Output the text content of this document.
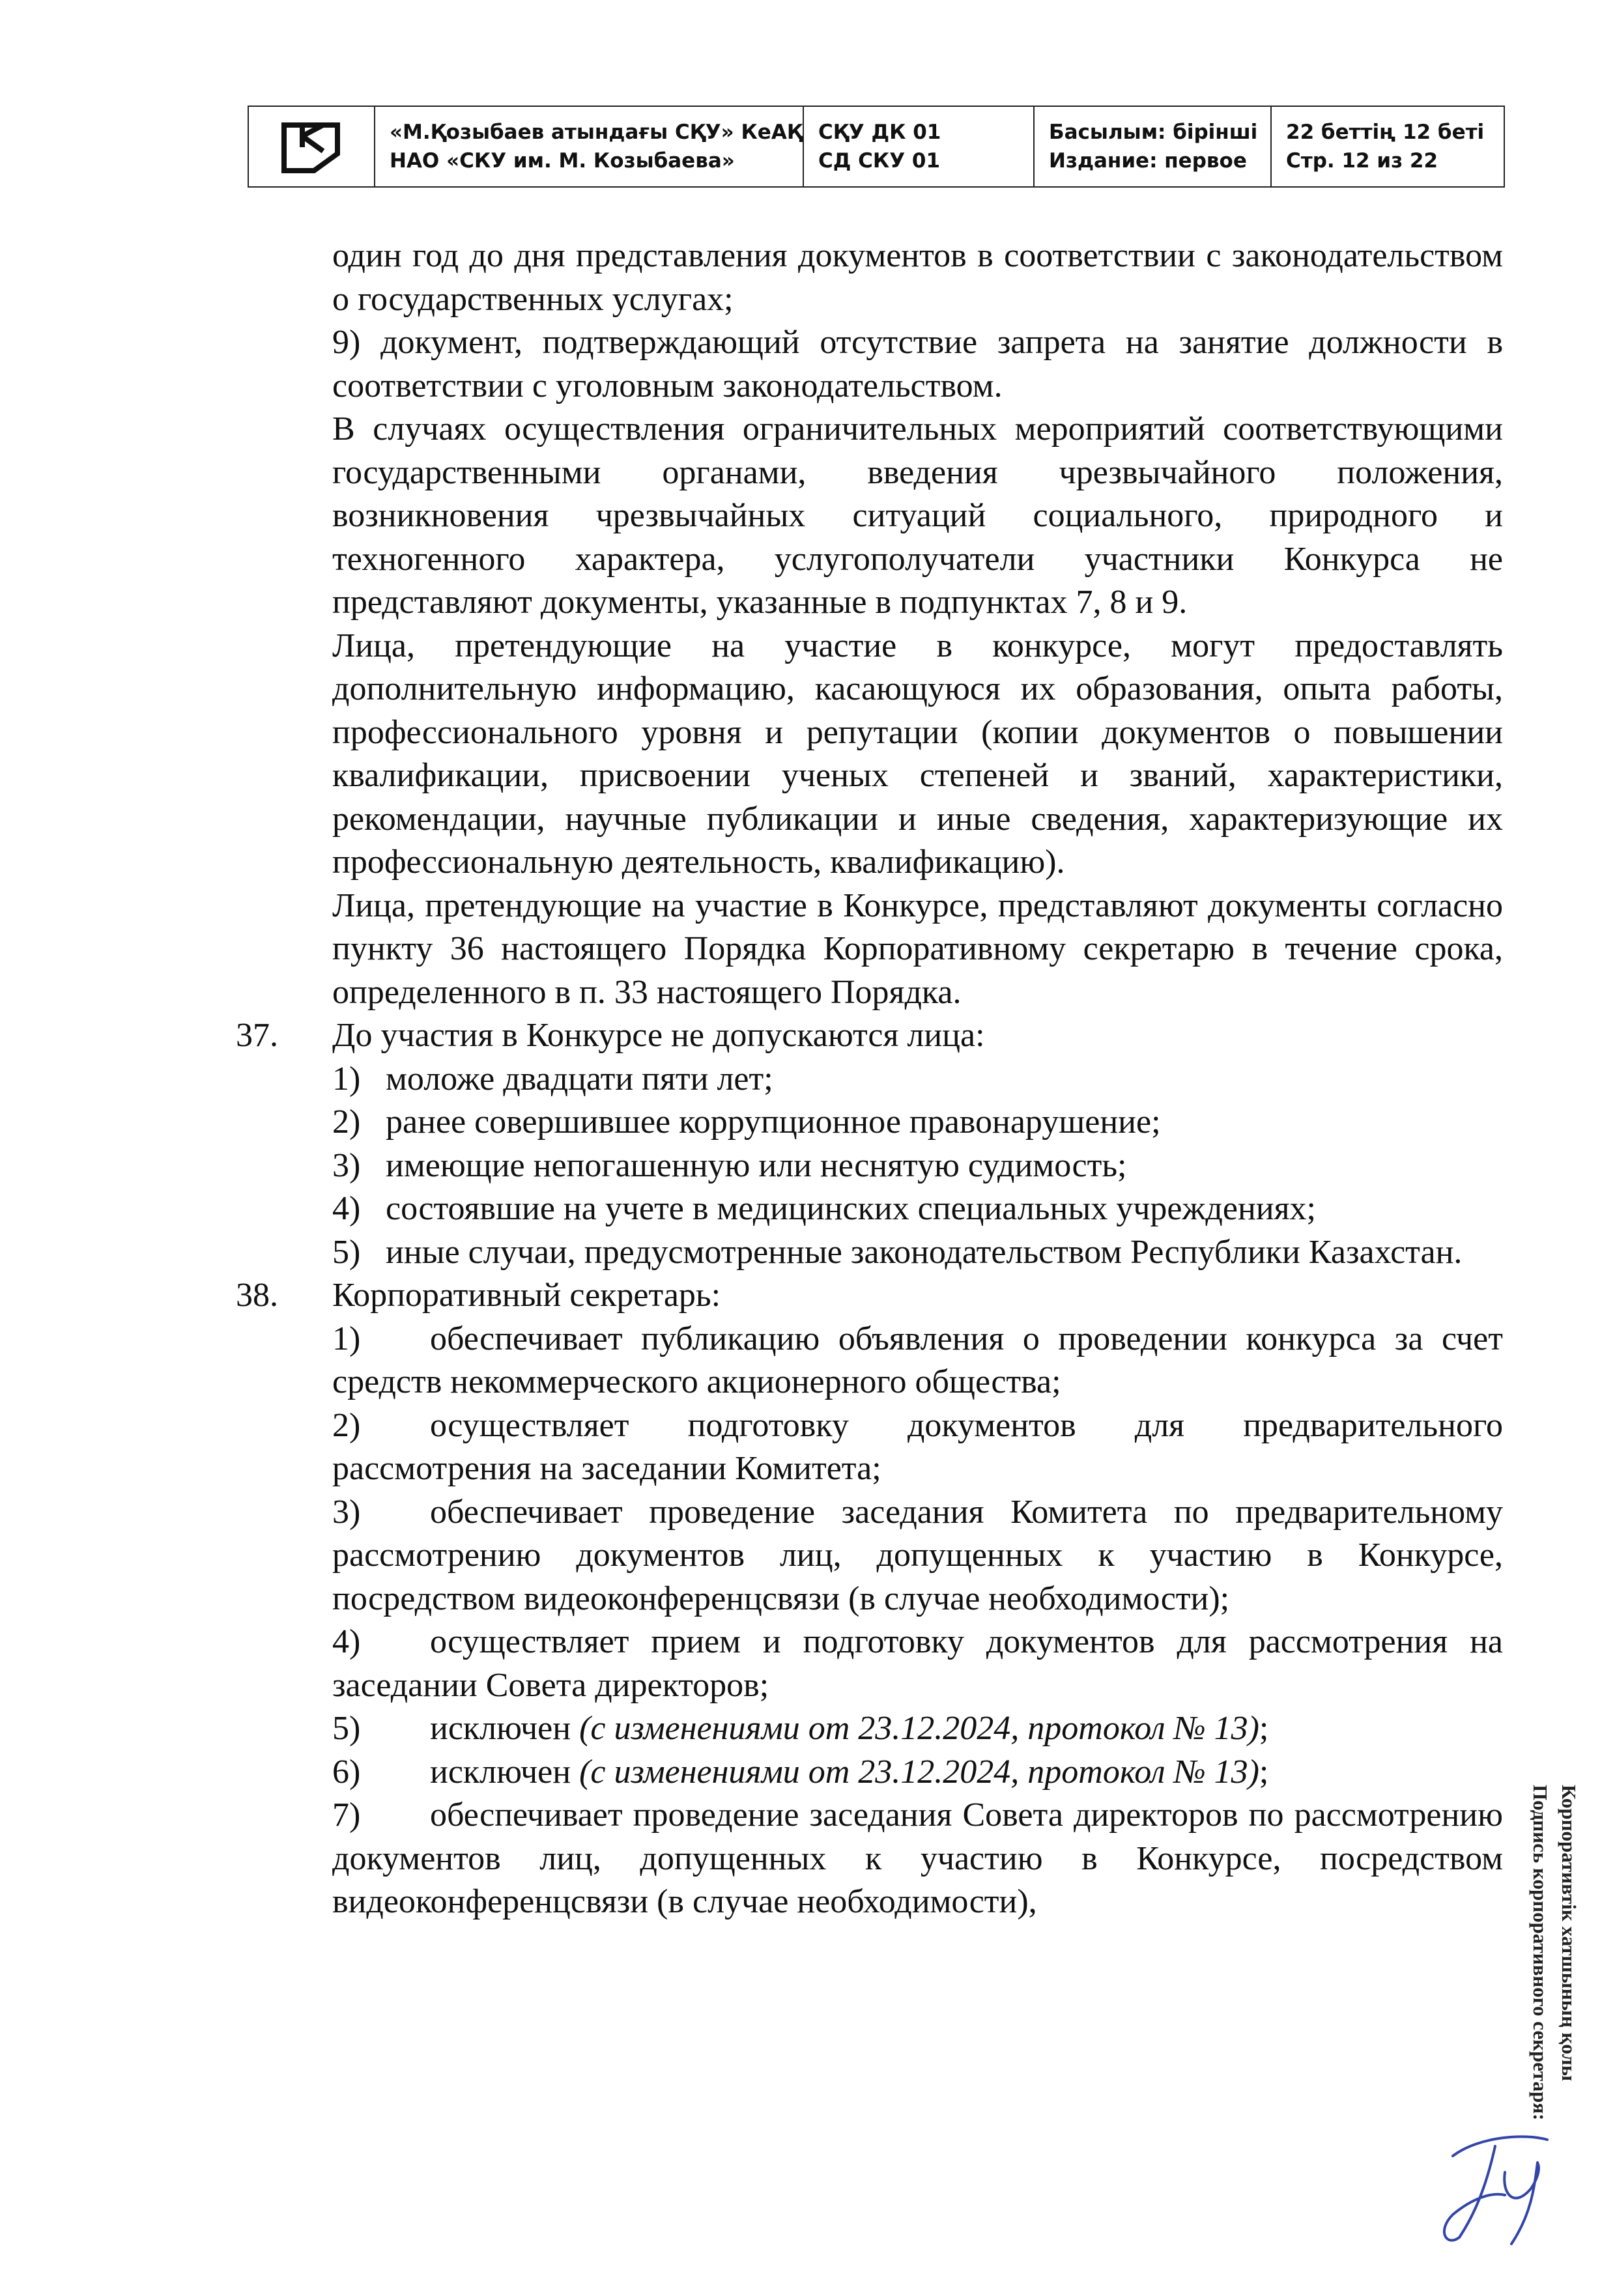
«М.Қозыбаев атындағы СҚУ» КеАҚ
НАО «СКУ им. М. Козыбаева»
СҚУ ДК 01
СД СКУ 01
Басылым: бірінші
Издание: первое
22 беттің 12 беті
Стр. 12 из 22
один год до дня представления документов в соответствии с законодательством о государственных услугах;
9) документ, подтверждающий отсутствие запрета на занятие должности в соответствии с уголовным законодательством.
В случаях осуществления ограничительных мероприятий соответствующими государственными органами, введения чрезвычайного положения, возникновения чрезвычайных ситуаций социального, природного и техногенного характера, услугополучатели участники Конкурса не представляют документы, указанные в подпунктах 7, 8 и 9.
Лица, претендующие на участие в конкурсе, могут предоставлять дополнительную информацию, касающуюся их образования, опыта работы, профессионального уровня и репутации (копии документов о повышении квалификации, присвоении ученых степеней и званий, характеристики, рекомендации, научные публикации и иные сведения, характеризующие их профессиональную деятельность, квалификацию).
Лица, претендующие на участие в Конкурсе, представляют документы согласно пункту 36 настоящего Порядка Корпоративному секретарю в течение срока, определенного в п. 33 настоящего Порядка.
37. До участия в Конкурсе не допускаются лица:
1) моложе двадцати пяти лет;
2) ранее совершившее коррупционное правонарушение;
3) имеющие непогашенную или неснятую судимость;
4) состоявшие на учете в медицинских специальных учреждениях;
5) иные случаи, предусмотренные законодательством Республики Казахстан.
38. Корпоративный секретарь:
1) обеспечивает публикацию объявления о проведении конкурса за счет средств некоммерческого акционерного общества;
2) осуществляет подготовку документов для предварительного рассмотрения на заседании Комитета;
3) обеспечивает проведение заседания Комитета по предварительному рассмотрению документов лиц, допущенных к участию в Конкурсе, посредством видеоконференцсвязи (в случае необходимости);
4) осуществляет прием и подготовку документов для рассмотрения на заседании Совета директоров;
5) исключен (с изменениями от 23.12.2024, протокол № 13);
6) исключен (с изменениями от 23.12.2024, протокол № 13);
7) обеспечивает проведение заседания Совета директоров по рассмотрению документов лиц, допущенных к участию в Конкурсе, посредством видеоконференцсвязи (в случае необходимости),	Корпоративтік хатшының қолы
Подпись корпоративного секретаря:
